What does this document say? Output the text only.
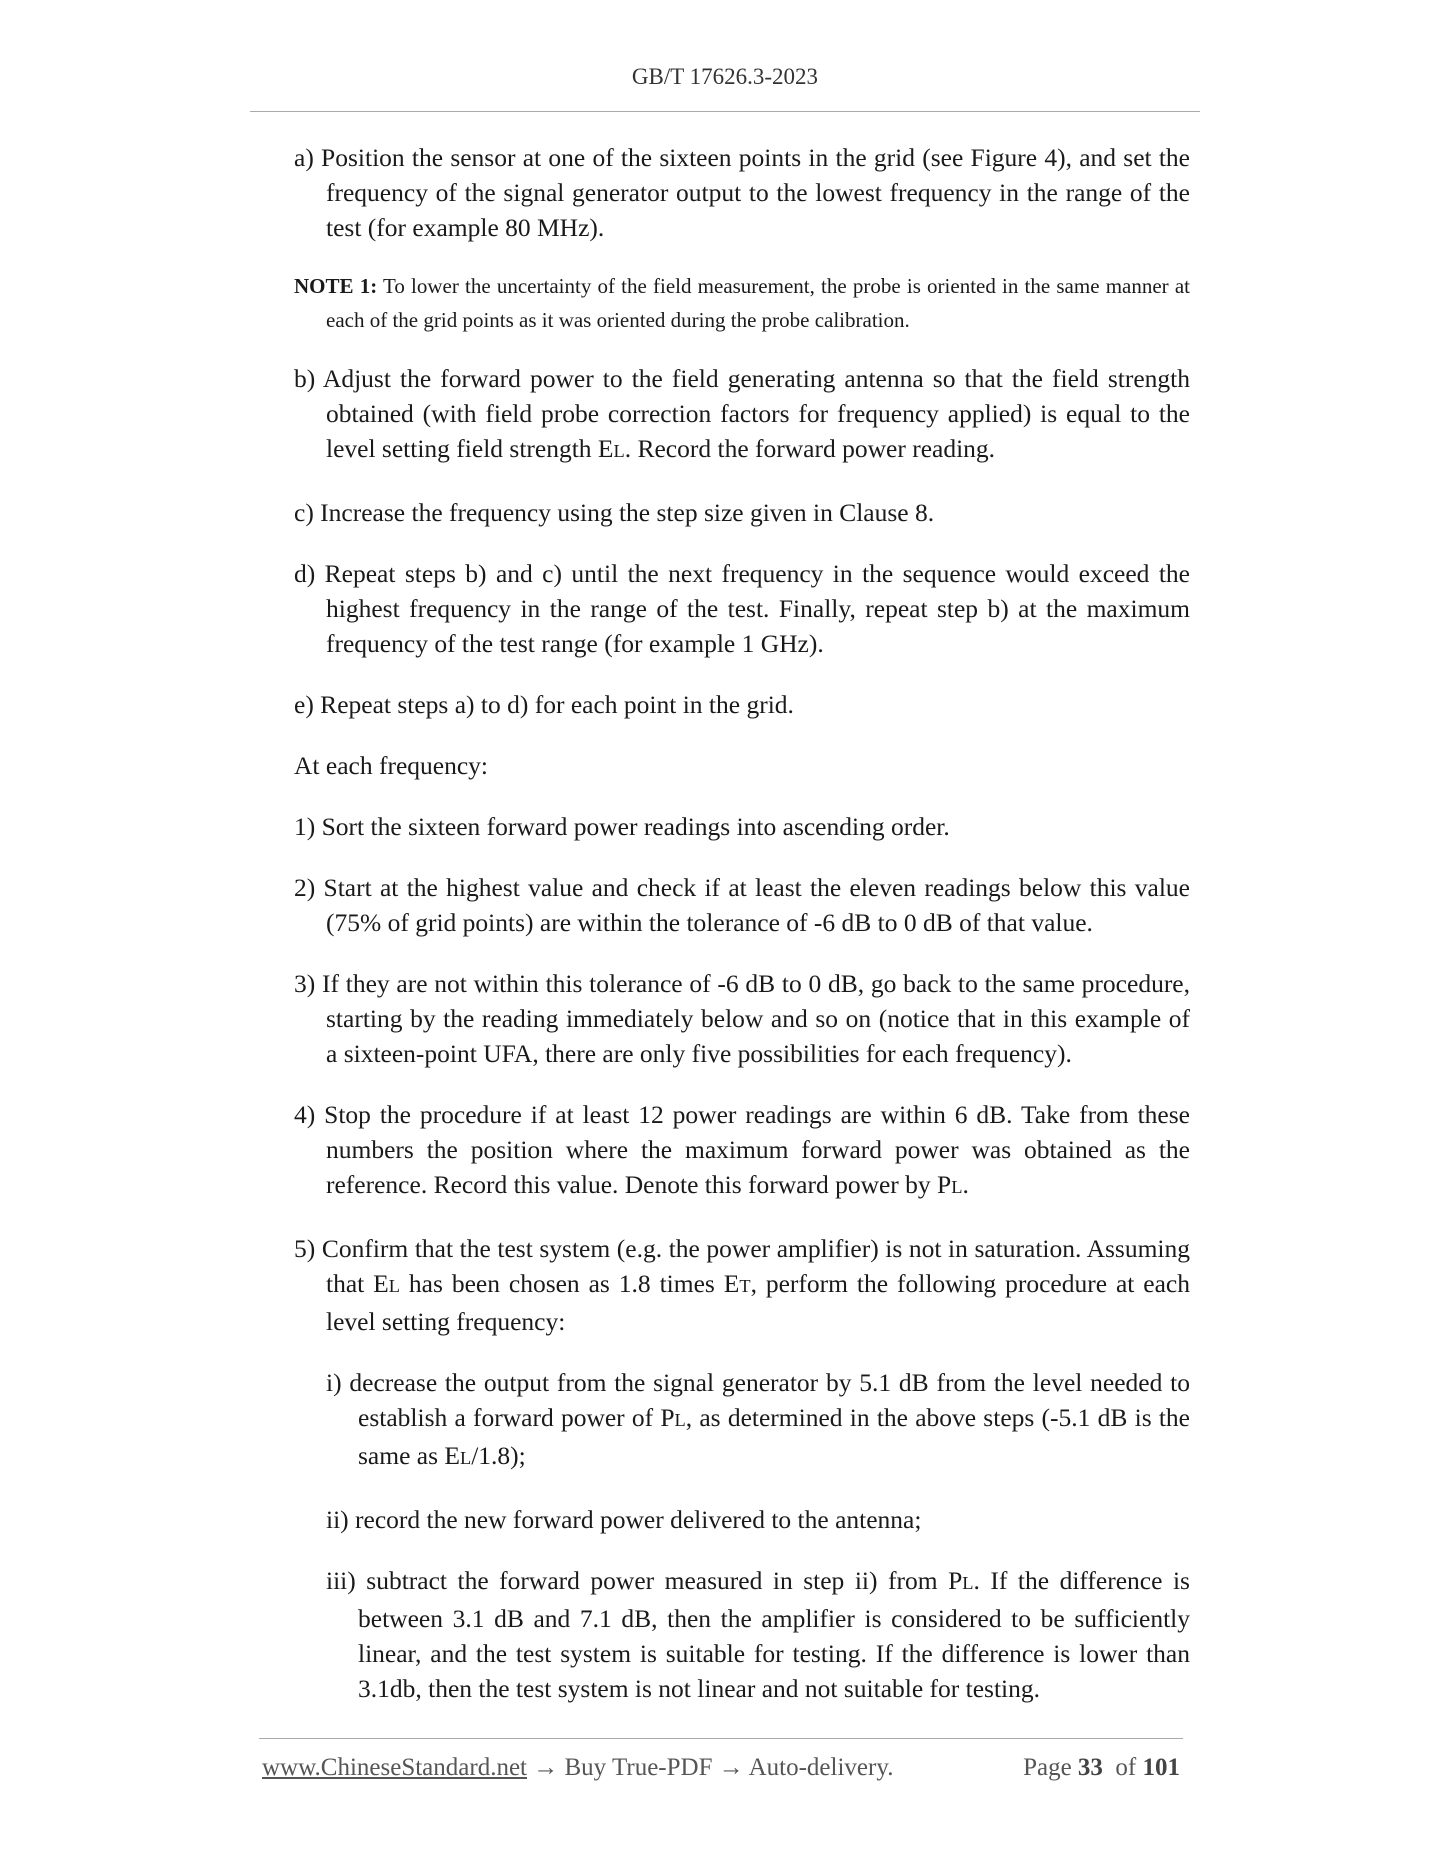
GB/T 17626.3-2023

a) Position the sensor at one of the sixteen points in the grid (see Figure 4), and set the frequency of the signal generator output to the lowest frequency in the range of the test (for example 80 MHz).

NOTE 1: To lower the uncertainty of the field measurement, the probe is oriented in the same manner at each of the grid points as it was oriented during the probe calibration.

b) Adjust the forward power to the field generating antenna so that the field strength obtained (with field probe correction factors for frequency applied) is equal to the level setting field strength EL. Record the forward power reading.

c) Increase the frequency using the step size given in Clause 8.

d) Repeat steps b) and c) until the next frequency in the sequence would exceed the highest frequency in the range of the test. Finally, repeat step b) at the maximum frequency of the test range (for example 1 GHz).

e) Repeat steps a) to d) for each point in the grid.

At each frequency:

1) Sort the sixteen forward power readings into ascending order.

2) Start at the highest value and check if at least the eleven readings below this value (75% of grid points) are within the tolerance of -6 dB to 0 dB of that value.

3) If they are not within this tolerance of -6 dB to 0 dB, go back to the same procedure, starting by the reading immediately below and so on (notice that in this example of a sixteen-point UFA, there are only five possibilities for each frequency).

4) Stop the procedure if at least 12 power readings are within 6 dB. Take from these numbers the position where the maximum forward power was obtained as the reference. Record this value. Denote this forward power by PL.

5) Confirm that the test system (e.g. the power amplifier) is not in saturation. Assuming that EL has been chosen as 1.8 times ET, perform the following procedure at each level setting frequency:

i) decrease the output from the signal generator by 5.1 dB from the level needed to establish a forward power of PL, as determined in the above steps (-5.1 dB is the same as EL/1.8);

ii) record the new forward power delivered to the antenna;

iii) subtract the forward power measured in step ii) from PL. If the difference is between 3.1 dB and 7.1 dB, then the amplifier is considered to be sufficiently linear, and the test system is suitable for testing. If the difference is lower than 3.1db, then the test system is not linear and not suitable for testing.

www.ChineseStandard.net → Buy True-PDF → Auto-delivery.	Page 33 of 101
